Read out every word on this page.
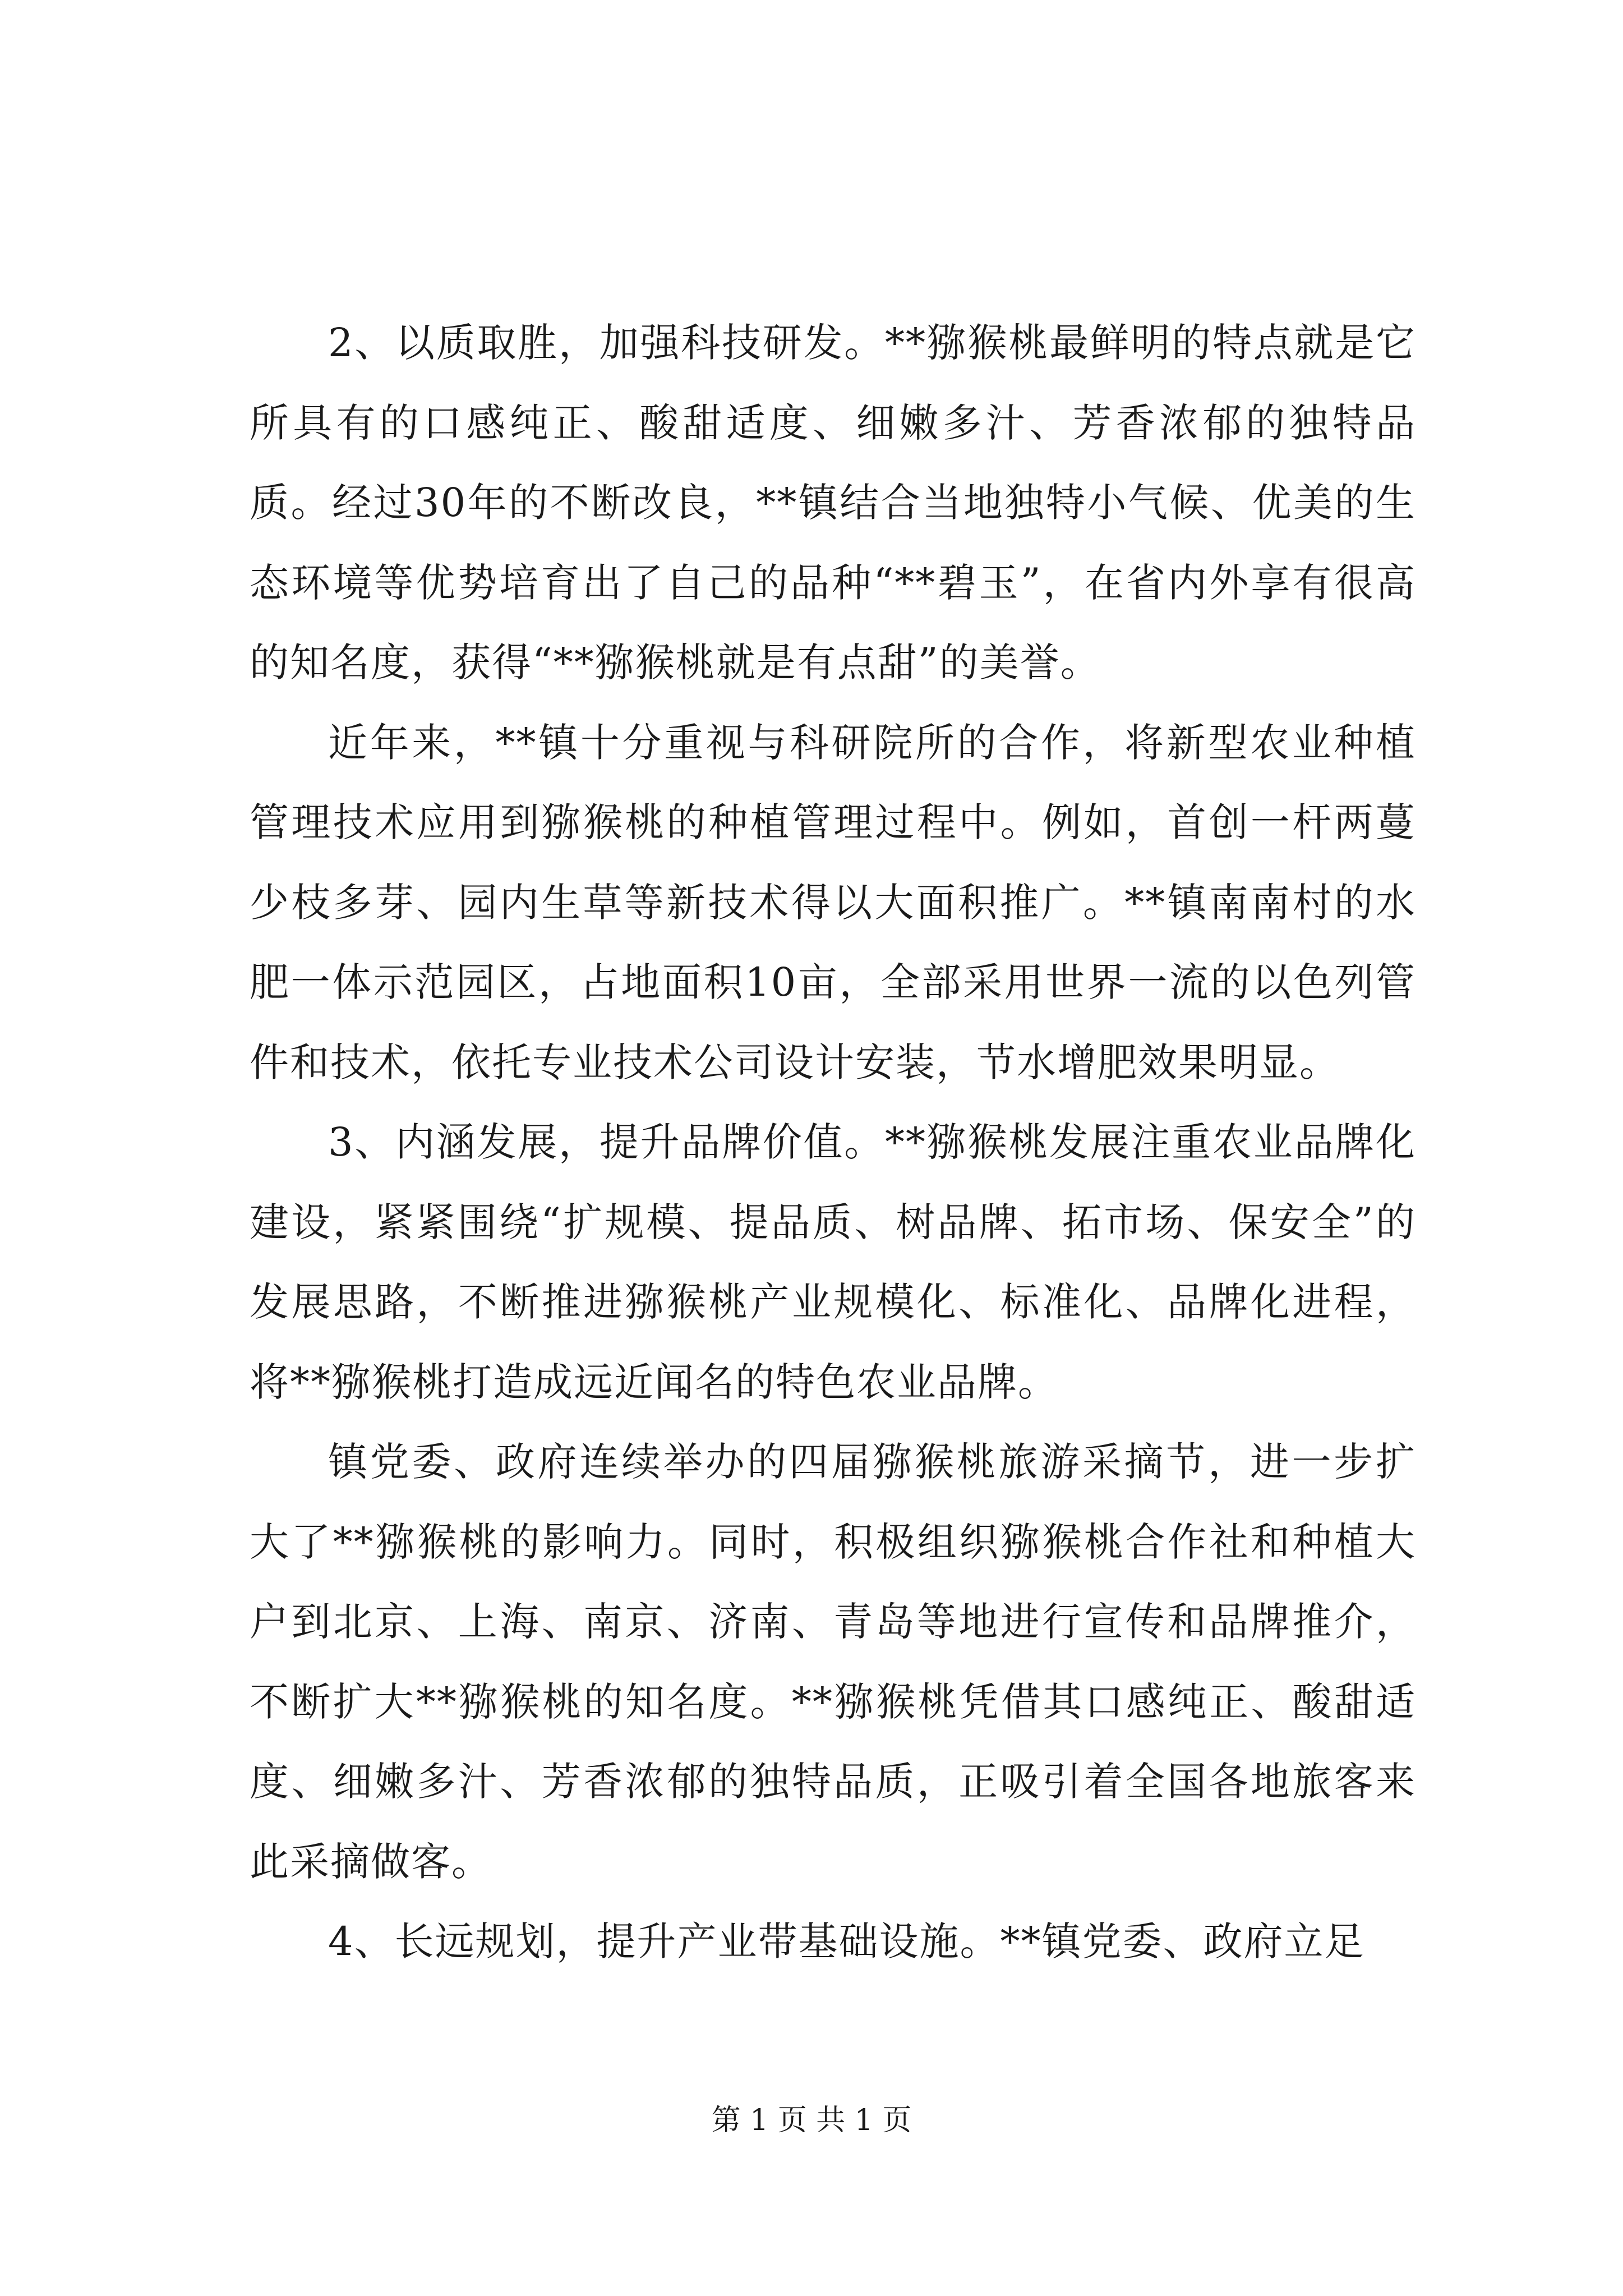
2、以质取胜，加强科技研发。**猕猴桃最鲜明的特点就是它所具有的口感纯正、酸甜适度、细嫩多汁、芳香浓郁的独特品质。经过30年的不断改良，**镇结合当地独特小气候、优美的生态环境等优势培育出了自己的品种“**碧玉”，在省内外享有很高的知名度，获得“**猕猴桃就是有点甜”的美誉。

近年来，**镇十分重视与科研院所的合作，将新型农业种植管理技术应用到猕猴桃的种植管理过程中。例如，首创一杆两蔓少枝多芽、园内生草等新技术得以大面积推广。**镇南南村的水肥一体示范园区，占地面积10亩，全部采用世界一流的以色列管件和技术，依托专业技术公司设计安装，节水增肥效果明显。

3、内涵发展，提升品牌价值。**猕猴桃发展注重农业品牌化建设，紧紧围绕“扩规模、提品质、树品牌、拓市场、保安全”的发展思路，不断推进猕猴桃产业规模化、标准化、品牌化进程，将**猕猴桃打造成远近闻名的特色农业品牌。

镇党委、政府连续举办的四届猕猴桃旅游采摘节，进一步扩大了**猕猴桃的影响力。同时，积极组织猕猴桃合作社和种植大户到北京、上海、南京、济南、青岛等地进行宣传和品牌推介，不断扩大**猕猴桃的知名度。**猕猴桃凭借其口感纯正、酸甜适度、细嫩多汁、芳香浓郁的独特品质，正吸引着全国各地旅客来此采摘做客。

4、长远规划，提升产业带基础设施。**镇党委、政府立足

第 1 页 共 1 页
